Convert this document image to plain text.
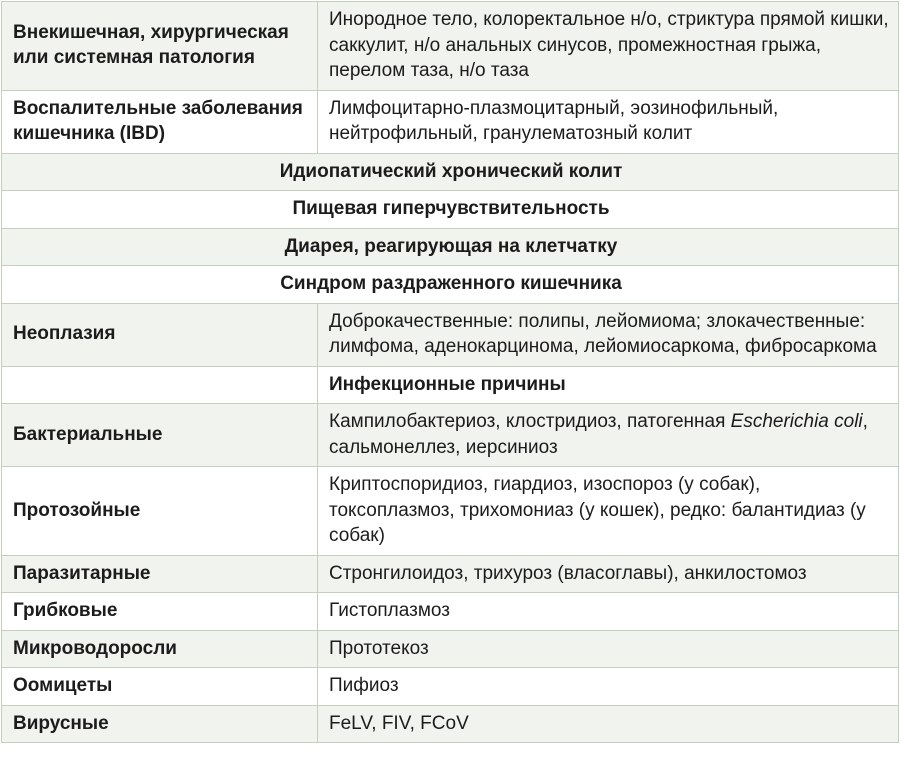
Внекишечная, хирургическая или системная патология	Инородное тело, колоректальное н/о, стриктура прямой кишки, саккулит, н/о анальных синусов, промежностная грыжа, перелом таза, н/о таза
Воспалительные заболевания кишечника (IBD)	Лимфоцитарно-плазмоцитарный, эозинофильный, нейтрофильный, гранулематозный колит
Идиопатический хронический колит	
Пищевая гиперчувствительность	
Диарея, реагирующая на клетчатку	
Синдром раздраженного кишечника	
Неоплазия	Доброкачественные: полипы, лейомиома; злокачественные: лимфома, аденокарцинома, лейомиосаркома, фибросаркома
	Инфекционные причины
Бактериальные	Кампилобактериоз, клостридиоз, патогенная Escherichia coli, сальмонеллез, иерсиниоз
Протозойные	Криптоспоридиоз, гиардиоз, изоспороз (у собак), токсоплазмоз, трихомониаз (у кошек), редко: балантидиаз (у собак)
Паразитарные	Стронгилоидоз, трихуроз (власоглавы), анкилостомоз
Грибковые	Гистоплазмоз
Микроводоросли	Прототекоз
Оомицеты	Пифиоз
Вирусные	FeLV, FIV, FCoV
